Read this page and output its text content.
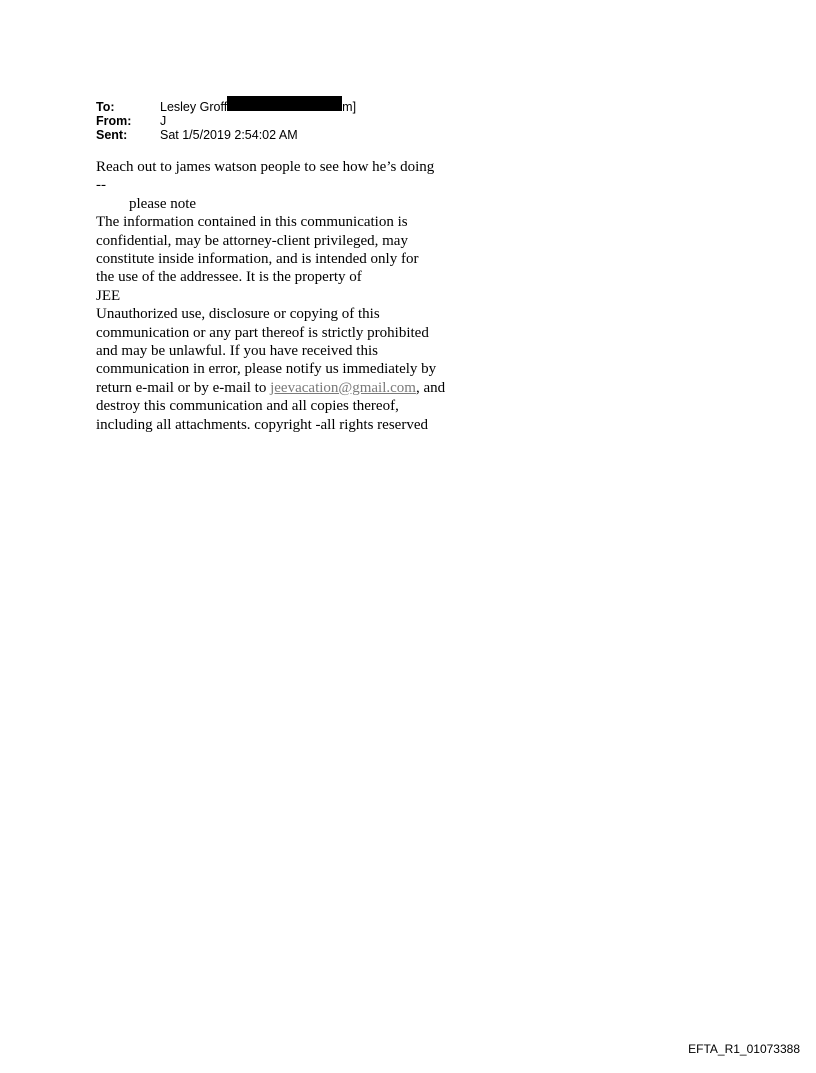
To:	Lesley Groff	m]
From:	J
Sent:	Sat 1/5/2019 2:54:02 AM
Reach out to james watson people to see how he’s doing
--
please note
The information contained in this communication is
confidential, may be attorney-client privileged, may
constitute inside information, and is intended only for
the use of the addressee. It is the property of
JEE
Unauthorized use, disclosure or copying of this
communication or any part thereof is strictly prohibited
and may be unlawful. If you have received this
communication in error, please notify us immediately by
return e-mail or by e-mail to jeevacation@gmail.com, and
destroy this communication and all copies thereof,
including all attachments. copyright -all rights reserved
EFTA_R1_01073388
